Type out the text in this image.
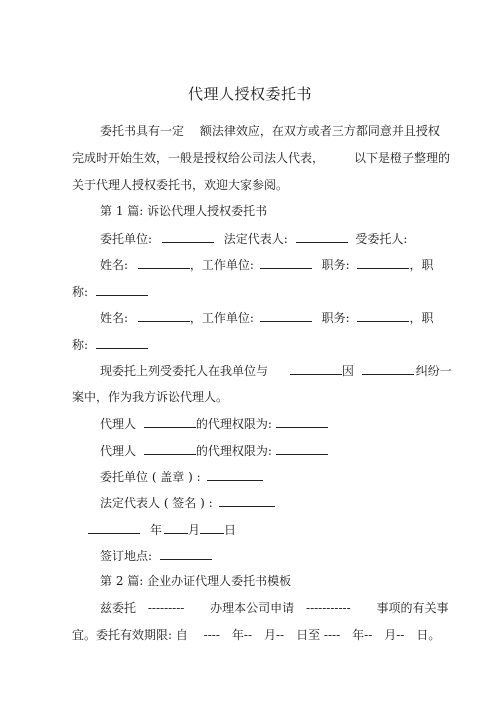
代理人授权委托书
委托书具有一定　 额法律效应，在双方或者三方都同意并且授权
完成时开始生效，一般是授权给公司法人代表，　　　以下是橙子整理的
关于代理人授权委托书，欢迎大家参阅。
第 1 篇: 诉讼代理人授权委托书
委托单位:	法定代表人:	受委托人:
姓名:	，工作单位:	职务:	，职
称:
姓名:	，工作单位:	职务:	，职
称:
现委托上列受委托人在我单位与	因	纠纷一
案中，作为我方诉讼代理人。
代理人	的代理权限为:
代理人	的代理权限为:
委托单位 ( 盖章 ) :
法定代表人 ( 签名 ) :
年 月 日
签订地点:
第 2 篇: 企业办证代理人委托书模板
兹委托 --------- 办理本公司申请 ----------- 事项的有关事
宜。委托有效期限: 自　 ----　年--　月--　日至 ----　年--　月--　日。
